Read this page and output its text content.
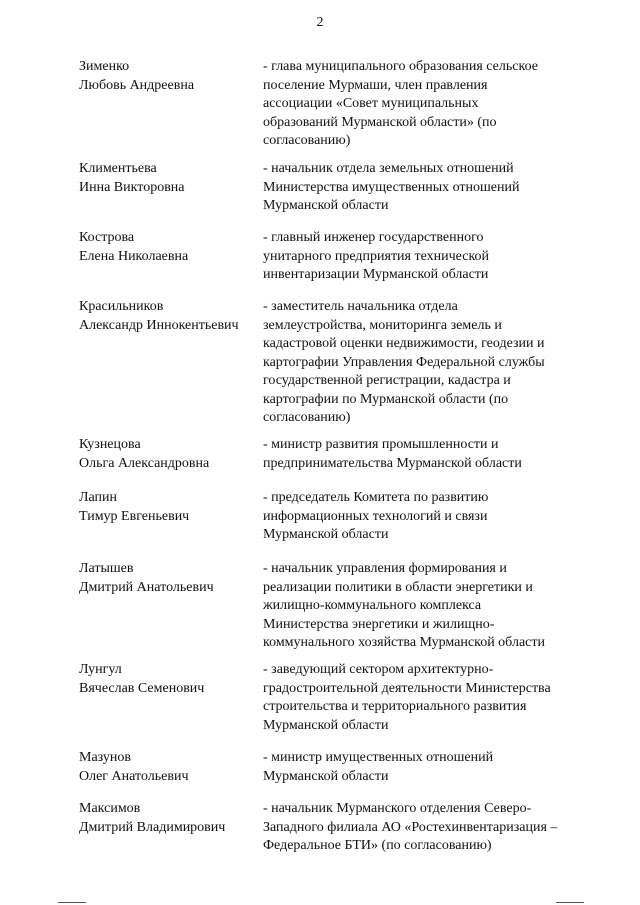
2
Зименко
Любовь Андреевна
- глава муниципального образования сельское
поселение Мурмаши, член правления
ассоциации «Совет муниципальных
образований Мурманской области» (по
согласованию)
Климентьева
Инна Викторовна
- начальник отдела земельных отношений
Министерства имущественных отношений
Мурманской области
Кострова
Елена Николаевна
- главный инженер государственного
унитарного предприятия технической
инвентаризации Мурманской области
Красильников
Александр Иннокентьевич
- заместитель начальника отдела
землеустройства, мониторинга земель и
кадастровой оценки недвижимости, геодезии и
картографии Управления Федеральной службы
государственной регистрации, кадастра и
картографии по Мурманской области (по
согласованию)
Кузнецова
Ольга Александровна
- министр развития промышленности и
предпринимательства Мурманской области
Лапин
Тимур Евгеньевич
- председатель Комитета по развитию
информационных технологий и связи
Мурманской области
Латышев
Дмитрий Анатольевич
- начальник управления формирования и
реализации политики в области энергетики и
жилищно-коммунального комплекса
Министерства энергетики и жилищно-
коммунального хозяйства Мурманской области
Лунгул
Вячеслав Семенович
- заведующий сектором архитектурно-
градостроительной деятельности Министерства
строительства и территориального развития
Мурманской области
Мазунов
Олег Анатольевич
- министр имущественных отношений
Мурманской области
Максимов
Дмитрий Владимирович
- начальник Мурманского отделения Северо-
Западного филиала АО «Ростехинвентаризация –
Федеральное БТИ» (по согласованию)
